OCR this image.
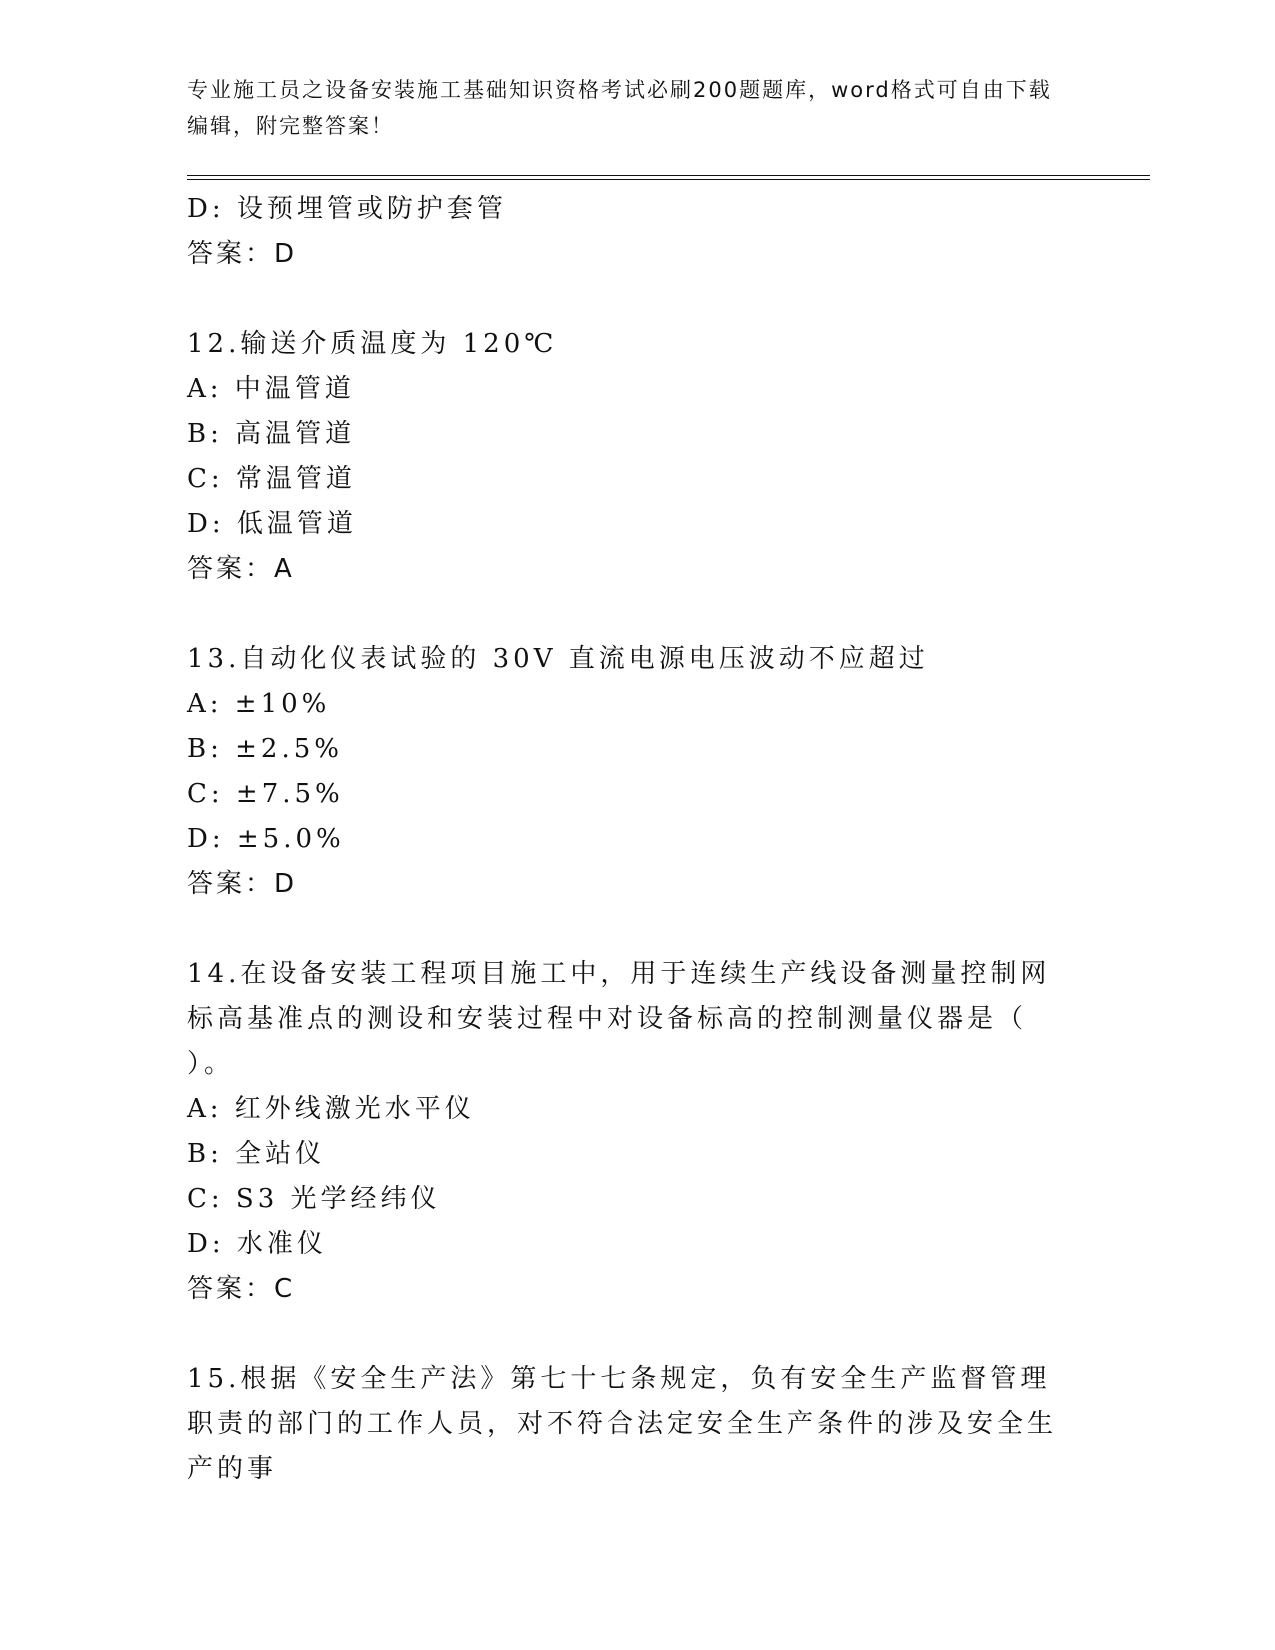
专业施工员之设备安装施工基础知识资格考试必刷200题题库，word格式可自由下载编辑，附完整答案！
D: 设预埋管或防护套管
答案：D
12.输送介质温度为 120℃
A: 中温管道
B: 高温管道
C: 常温管道
D: 低温管道
答案：A
13.自动化仪表试验的 30V 直流电源电压波动不应超过
A: ±10%
B: ±2.5%
C: ±7.5%
D: ±5.0%
答案：D
14.在设备安装工程项目施工中，用于连续生产线设备测量控制网标高基准点的测设和安装过程中对设备标高的控制测量仪器是（ ）。
A: 红外线激光水平仪
B: 全站仪
C: S3 光学经纬仪
D: 水准仪
答案：C
15.根据《安全生产法》第七十七条规定，负有安全生产监督管理职责的部门的工作人员，对不符合法定安全生产条件的涉及安全生产的事
